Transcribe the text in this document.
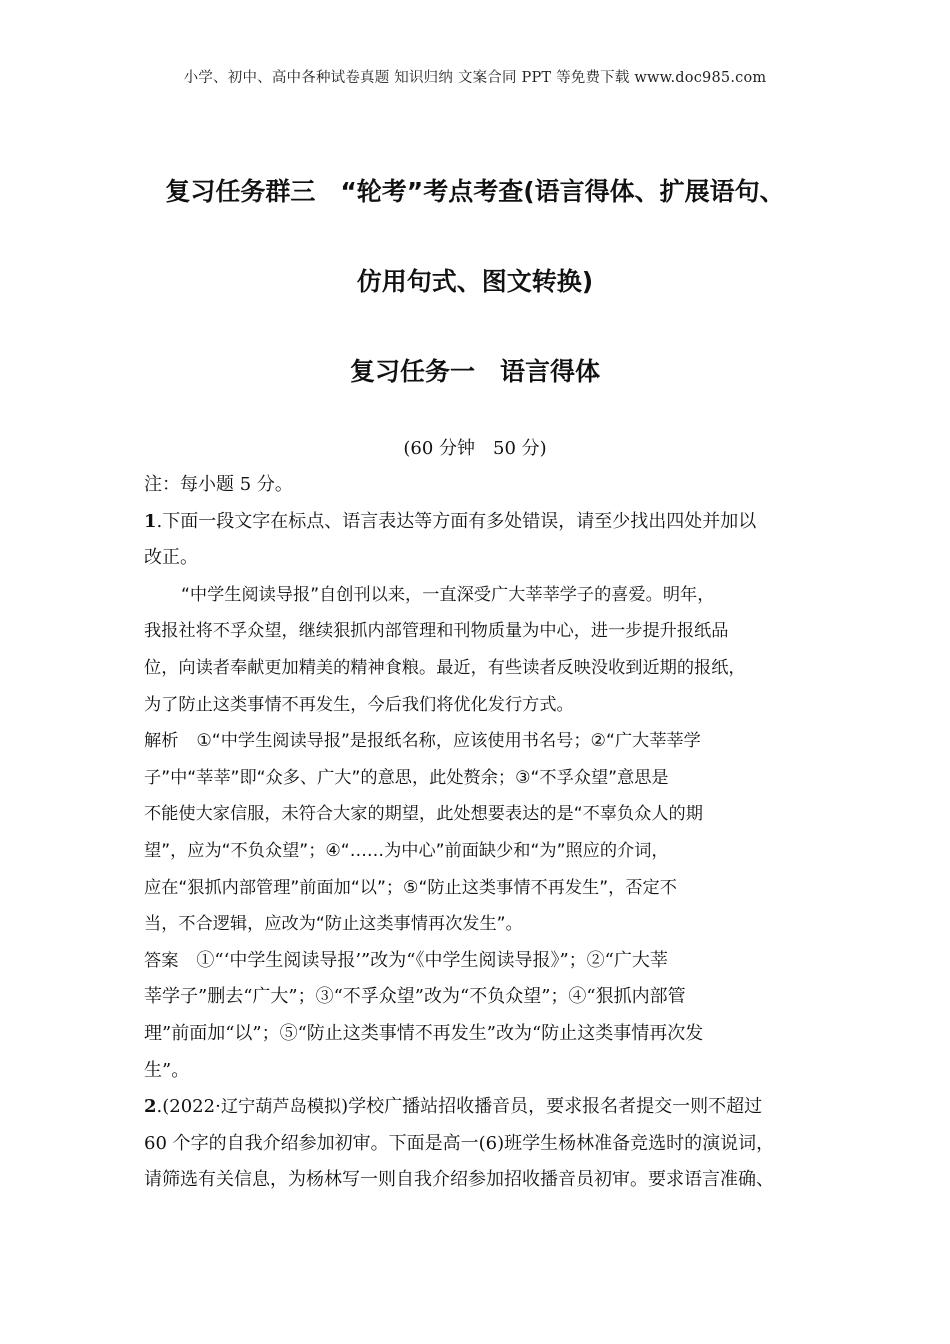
小学、初中、高中各种试卷真题 知识归纳 文案合同 PPT 等免费下载 www.doc985.com
复习任务群三　“轮考”考点考查(语言得体、扩展语句、
仿用句式、图文转换)
复习任务一　语言得体
(60 分钟　50 分)
注：每小题 5 分。
1.下面一段文字在标点、语言表达等方面有多处错误，请至少找出四处并加以
改正。
“中学生阅读导报”自创刊以来，一直深受广大莘莘学子的喜爱。明年，
我报社将不孚众望，继续狠抓内部管理和刊物质量为中心，进一步提升报纸品
位，向读者奉献更加精美的精神食粮。最近，有些读者反映没收到近期的报纸，
为了防止这类事情不再发生，今后我们将优化发行方式。
解析 ①“中学生阅读导报”是报纸名称，应该使用书名号；②“广大莘莘学
子”中“莘莘”即“众多、广大”的意思，此处赘余；③“不孚众望”意思是
不能使大家信服，未符合大家的期望，此处想要表达的是“不辜负众人的期
望”，应为“不负众望”；④“……为中心”前面缺少和“为”照应的介词，
应在“狠抓内部管理”前面加“以”；⑤“防止这类事情不再发生”，否定不
当，不合逻辑，应改为“防止这类事情再次发生”。
答案 ①“‘中学生阅读导报’”改为“《中学生阅读导报》”；②“广大莘
莘学子”删去“广大”；③“不孚众望”改为“不负众望”；④“狠抓内部管
理”前面加“以”；⑤“防止这类事情不再发生”改为“防止这类事情再次发
生”。
2.(2022·辽宁葫芦岛模拟)学校广播站招收播音员，要求报名者提交一则不超过
60 个字的自我介绍参加初审。下面是高一(6)班学生杨林准备竞选时的演说词，
请筛选有关信息，为杨林写一则自我介绍参加招收播音员初审。要求语言准确、
